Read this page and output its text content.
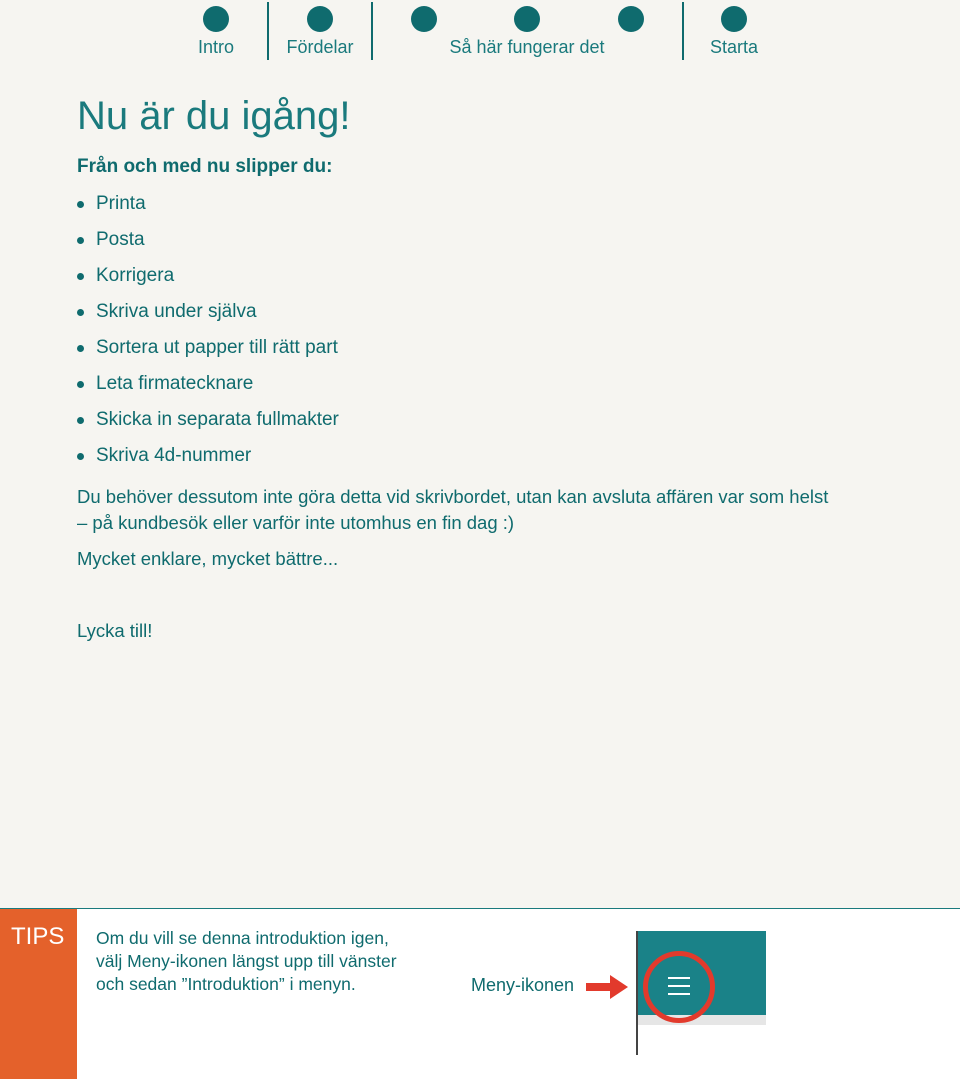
Intro	Fördelar	Så här fungerar det	Starta
Nu är du igång!

Från och med nu slipper du:

Printa
Posta
Korrigera
Skriva under själva
Sortera ut papper till rätt part
Leta firmatecknare
Skicka in separata fullmakter
Skriva 4d-nummer

Du behöver dessutom inte göra detta vid skrivbordet, utan kan avsluta affären var som helst
– på kundbesök eller varför inte utomhus en fin dag :)

Mycket enklare, mycket bättre...

Lycka till!

TIPS Om du vill se denna introduktion igen,
välj Meny-ikonen längst upp till vänster
och sedan ”Introduktion” i menyn.	Meny-ikonen
